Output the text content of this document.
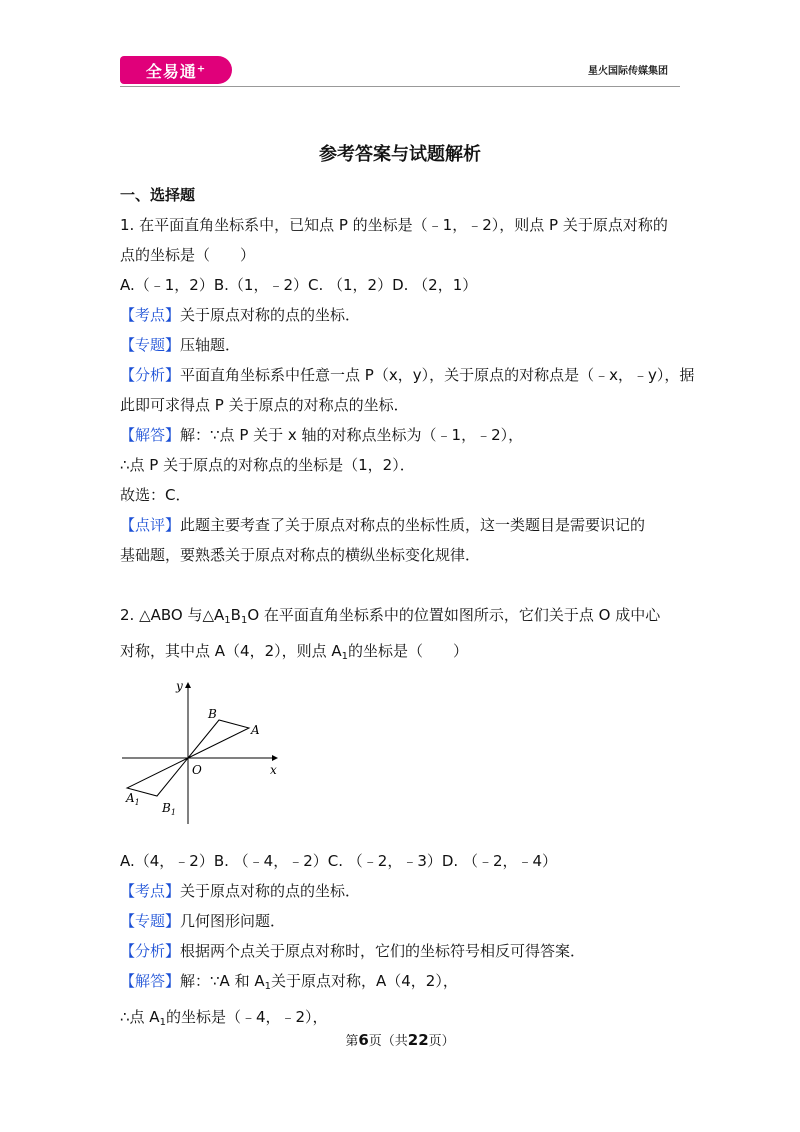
全易通⁺	星火国际传媒集团
参考答案与试题解析
一、选择题
1. 在平面直角坐标系中，已知点 P 的坐标是（﹣1，﹣2），则点 P 关于原点对称的
点的坐标是（　　）
A.（﹣1，2）B.（1，﹣2）C. （1，2）D. （2，1）
【考点】关于原点对称的点的坐标．
【专题】压轴题．
【分析】平面直角坐标系中任意一点 P（x，y），关于原点的对称点是（﹣x，﹣y），据
此即可求得点 P 关于原点的对称点的坐标．
【解答】解：∵点 P 关于 x 轴的对称点坐标为（﹣1，﹣2），
∴点 P 关于原点的对称点的坐标是（1，2）．
故选：C．
【点评】此题主要考查了关于原点对称点的坐标性质，这一类题目是需要识记的
基础题，要熟悉关于原点对称点的横纵坐标变化规律．
2. △ABO 与$\triangle A_1B_1O$ 在平面直角坐标系中的位置如图所示，它们关于点 O 成中心
对称，其中点 A（4，2），则点 $A_1$的坐标是（　　）
y
x
O
A
B
$A_1$ $B_1$
A.（4，﹣2）B. （﹣4，﹣2）C. （﹣2，﹣3）D. （﹣2，﹣4）
【考点】关于原点对称的点的坐标．
【专题】几何图形问题．
【分析】根据两个点关于原点对称时，它们的坐标符号相反可得答案．
【解答】解：∵A 和 $A_1$关于原点对称，A（4，2），
∴点 $A_1$的坐标是（﹣4，﹣2），
第6页（共22页）
